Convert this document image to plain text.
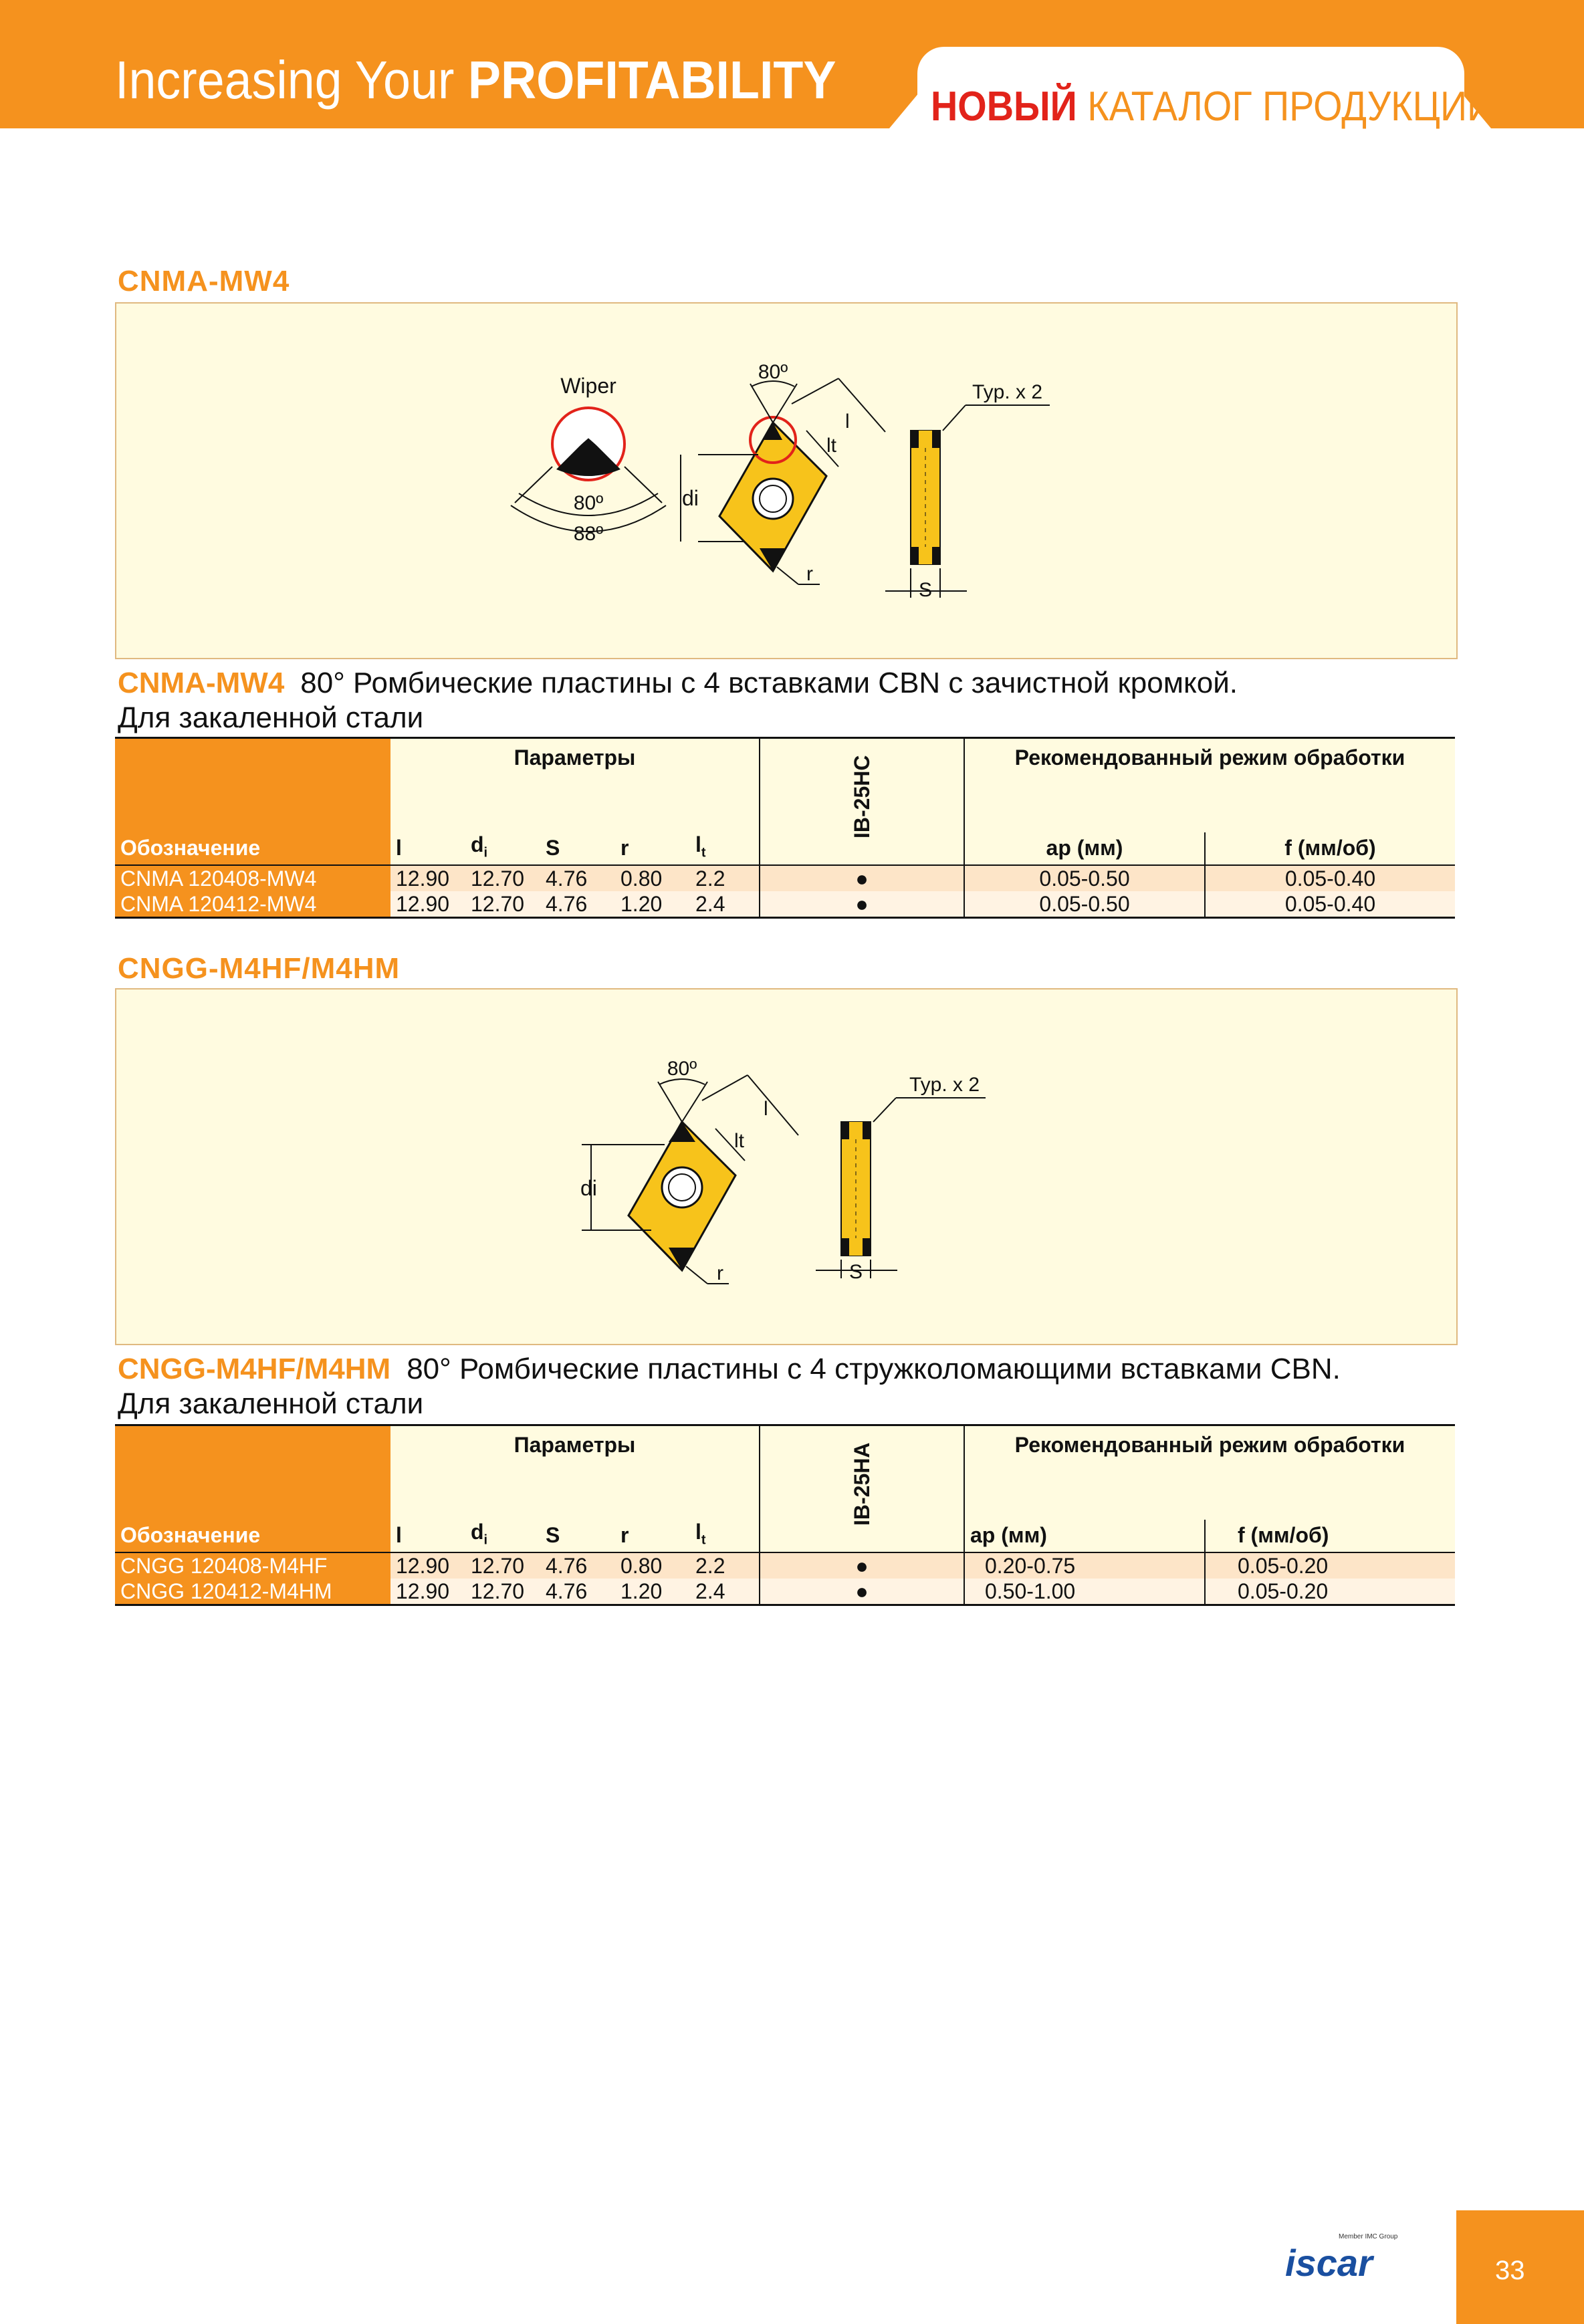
Increasing Your PROFITABILITY НОВЫЙ КАТАЛОГ ПРОДУКЦИИ
CNMA-MW4
Wiper
80º
88º
di
80º
l
lt
r
Typ. x 2
S
CNMA-MW4 80° Ромбические пластины с 4 вставками CBN с зачистной кромкой.
Для закаленной стали
Обозначение	Параметры					IB-25HC	Рекомендованный режим обработки	
	l	$d_i$	S	r	$l_t$		ap (мм)	f (мм/об)
CNMA 120408-MW4	12.90	12.70	4.76	0.80	2.2	●	0.05-0.50	0.05-0.40
CNMA 120412-MW4	12.90	12.70	4.76	1.20	2.4	●	0.05-0.50	0.05-0.40
CNGG-M4HF/M4HM
di
80º
l
lt
r
Typ. x 2
S
CNGG-M4HF/M4HM 80° Ромбические пластины с 4 стружколомающими вставками CBN.
Для закаленной стали
Обозначение	Параметры					IB-25HA	Рекомендованный режим обработки	
	l	$d_i$	S	r	$l_t$		ap (мм)	f (мм/об)
CNGG 120408-M4HF	12.90	12.70	4.76	0.80	2.2	●	0.20-0.75	0.05-0.20
CNGG 120412-M4HM	12.90	12.70	4.76	1.20	2.4	●	0.50-1.00	0.05-0.20
Member IMC Group
iscar	33
